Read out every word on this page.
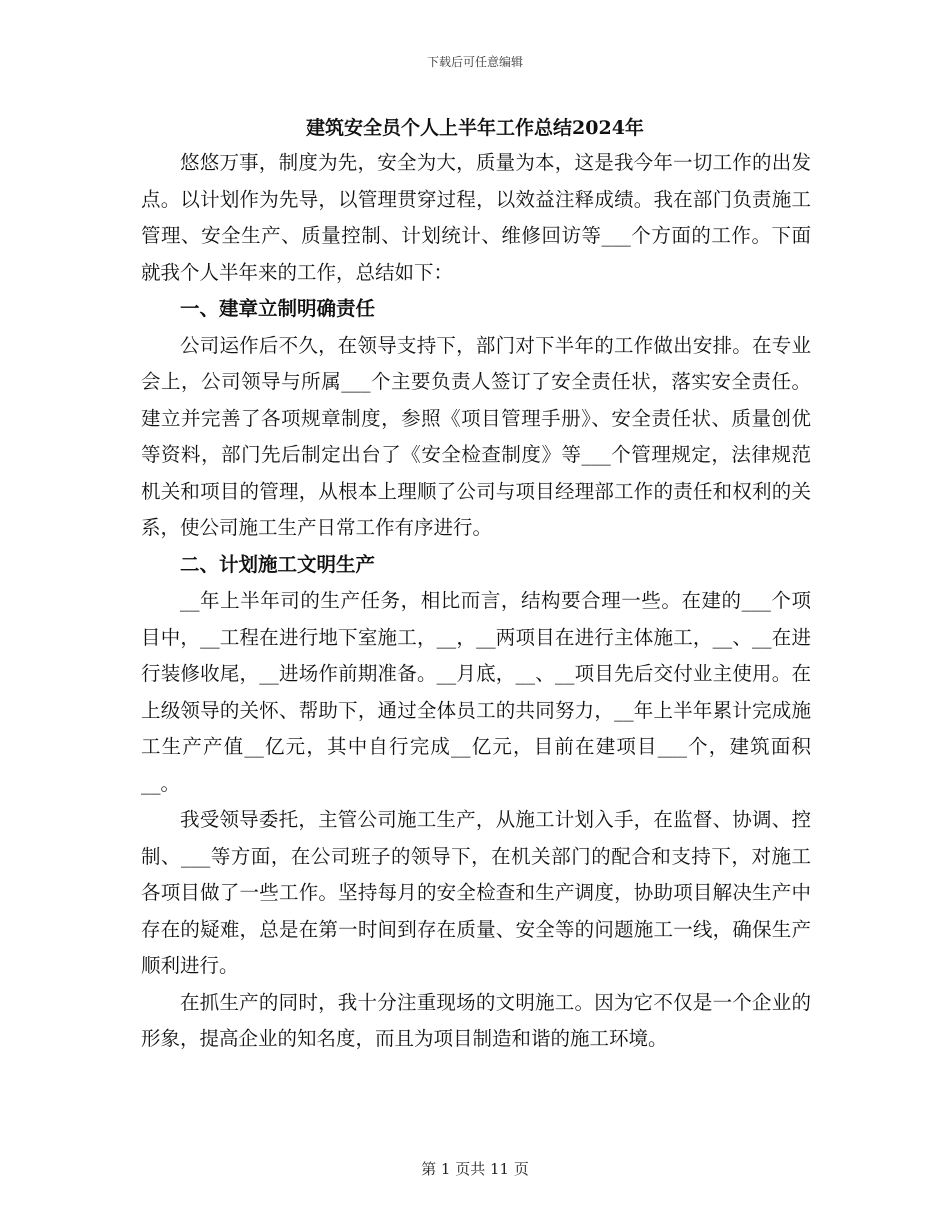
下载后可任意编辑
建筑安全员个人上半年工作总结2024年

悠悠万事，制度为先，安全为大，质量为本，这是我今年一切工作的出发点。以计划作为先导，以管理贯穿过程，以效益注释成绩。我在部门负责施工管理、安全生产、质量控制、计划统计、维修回访等___个方面的工作。下面就我个人半年来的工作，总结如下：

一、建章立制明确责任

公司运作后不久，在领导支持下，部门对下半年的工作做出安排。在专业会上，公司领导与所属___个主要负责人签订了安全责任状，落实安全责任。建立并完善了各项规章制度，参照《项目管理手册》、安全责任状、质量创优等资料，部门先后制定出台了《安全检查制度》等___个管理规定，法律规范机关和项目的管理，从根本上理顺了公司与项目经理部工作的责任和权利的关系，使公司施工生产日常工作有序进行。

二、计划施工文明生产

__年上半年司的生产任务，相比而言，结构要合理一些。在建的___个项目中，__工程在进行地下室施工，__，__两项目在进行主体施工，__、__在进行装修收尾，__进场作前期准备。__月底，__、__项目先后交付业主使用。在上级领导的关怀、帮助下，通过全体员工的共同努力，__年上半年累计完成施工生产产值__亿元，其中自行完成__亿元，目前在建项目___个，建筑面积__。

我受领导委托，主管公司施工生产，从施工计划入手，在监督、协调、控制、___等方面，在公司班子的领导下，在机关部门的配合和支持下，对施工各项目做了一些工作。坚持每月的安全检查和生产调度，协助项目解决生产中存在的疑难，总是在第一时间到存在质量、安全等的问题施工一线，确保生产顺利进行。

在抓生产的同时，我十分注重现场的文明施工。因为它不仅是一个企业的形象，提高企业的知名度，而且为项目制造和谐的施工环境。

第 1 页共 11 页
